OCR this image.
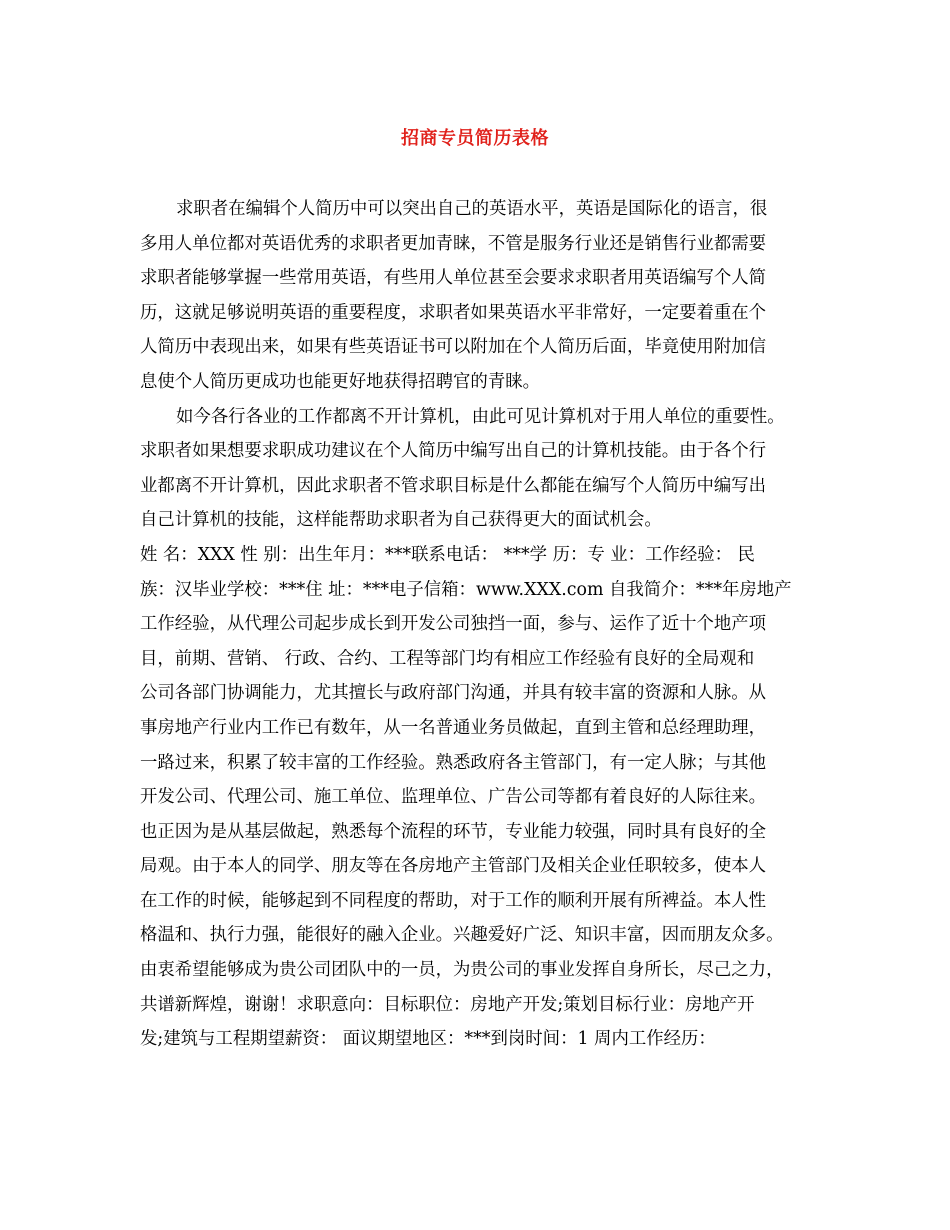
招商专员简历表格
求职者在编辑个人简历中可以突出自己的英语水平，英语是国际化的语言，很
多用人单位都对英语优秀的求职者更加青睐，不管是服务行业还是销售行业都需要
求职者能够掌握一些常用英语，有些用人单位甚至会要求求职者用英语编写个人简
历，这就足够说明英语的重要程度，求职者如果英语水平非常好，一定要着重在个
人简历中表现出来，如果有些英语证书可以附加在个人简历后面，毕竟使用附加信
息使个人简历更成功也能更好地获得招聘官的青睐。
如今各行各业的工作都离不开计算机，由此可见计算机对于用人单位的重要性。
求职者如果想要求职成功建议在个人简历中编写出自己的计算机技能。由于各个行
业都离不开计算机，因此求职者不管求职目标是什么都能在编写个人简历中编写出
自己计算机的技能，这样能帮助求职者为自己获得更大的面试机会。
姓 名：XXX 性 别：出生年月：***联系电话： ***学 历：专 业：工作经验： 民
族：汉毕业学校：***住 址：***电子信箱：www.XXX.com 自我简介：***年房地产
工作经验，从代理公司起步成长到开发公司独挡一面，参与、运作了近十个地产项
目，前期、营销、 行政、合约、工程等部门均有相应工作经验有良好的全局观和
公司各部门协调能力，尤其擅长与政府部门沟通，并具有较丰富的资源和人脉。从
事房地产行业内工作已有数年，从一名普通业务员做起，直到主管和总经理助理，
一路过来，积累了较丰富的工作经验。熟悉政府各主管部门，有一定人脉；与其他
开发公司、代理公司、施工单位、监理单位、广告公司等都有着良好的人际往来。
也正因为是从基层做起，熟悉每个流程的环节，专业能力较强，同时具有良好的全
局观。由于本人的同学、朋友等在各房地产主管部门及相关企业任职较多，使本人
在工作的时候，能够起到不同程度的帮助，对于工作的顺利开展有所裨益。本人性
格温和、执行力强，能很好的融入企业。兴趣爱好广泛、知识丰富，因而朋友众多。
由衷希望能够成为贵公司团队中的一员，为贵公司的事业发挥自身所长，尽己之力，
共谱新辉煌，谢谢！求职意向：目标职位：房地产开发;策划目标行业：房地产开
发;建筑与工程期望薪资： 面议期望地区：***到岗时间：1 周内工作经历：
